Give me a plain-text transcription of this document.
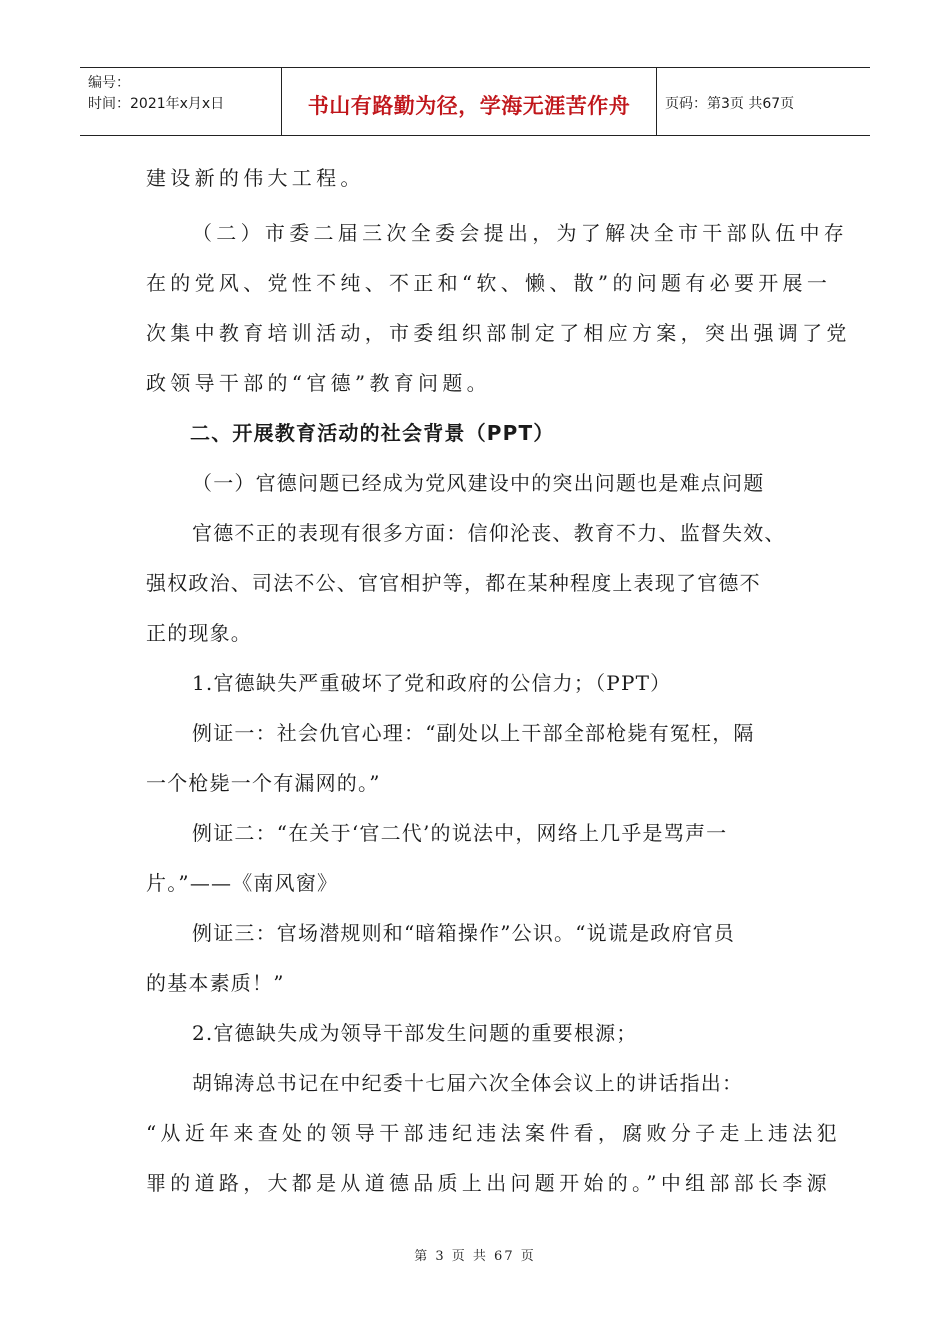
编号：
时间：2021年x月x日	书山有路勤为径，学海无涯苦作舟 页码：第3页 共67页
建设新的伟大工程。
（二）市委二届三次全委会提出，为了解决全市干部队伍中存
在的党风、党性不纯、不正和“软、懒、散”的问题有必要开展一
次集中教育培训活动，市委组织部制定了相应方案，突出强调了党
政领导干部的“官德”教育问题。
二、开展教育活动的社会背景（PPT）
（一）官德问题已经成为党风建设中的突出问题也是难点问题
官德不正的表现有很多方面：信仰沦丧、教育不力、监督失效、
强权政治、司法不公、官官相护等，都在某种程度上表现了官德不
正的现象。
1.官德缺失严重破坏了党和政府的公信力；（PPT）
例证一：社会仇官心理：“副处以上干部全部枪毙有冤枉，隔
一个枪毙一个有漏网的。”
例证二：“在关于‘官二代’的说法中，网络上几乎是骂声一
片。”——《南风窗》
例证三：官场潜规则和“暗箱操作”公识。“说谎是政府官员
的基本素质！”
2.官德缺失成为领导干部发生问题的重要根源；
胡锦涛总书记在中纪委十七届六次全体会议上的讲话指出：
“从近年来查处的领导干部违纪违法案件看，腐败分子走上违法犯
罪的道路，大都是从道德品质上出问题开始的。”中组部部长李源
第 3 页 共 67 页
